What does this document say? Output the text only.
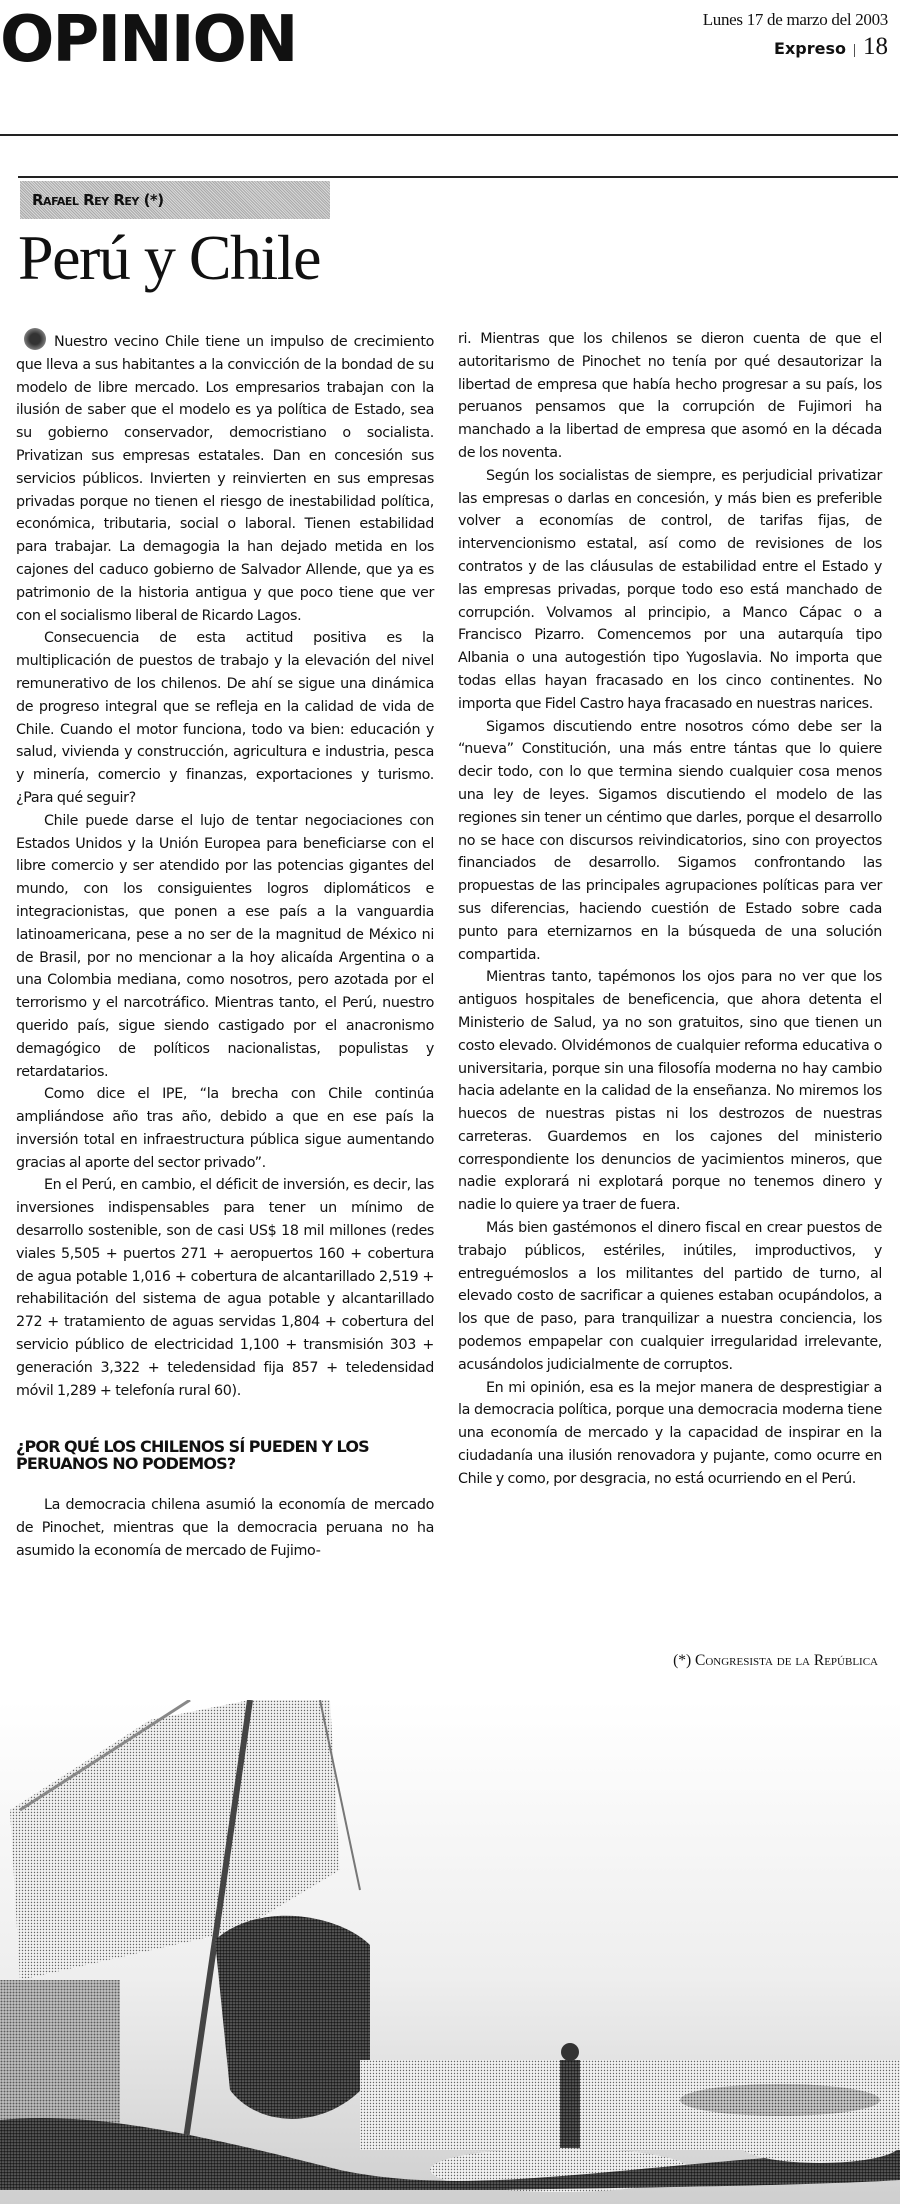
OPINION	Lunes 17 de marzo del 2003
Expreso | 18
Rafael Rey Rey (*)
Perú y Chile

Nuestro vecino Chile tiene un impulso de crecimiento que lleva a sus habitantes a la convicción de la bondad de su modelo de libre mercado. Los empresarios trabajan con la ilusión de saber que el modelo es ya política de Estado, sea su gobierno conservador, democristiano o socialista. Privatizan sus empresas estatales. Dan en concesión sus servicios públicos. Invierten y reinvierten en sus empresas privadas porque no tienen el riesgo de inestabilidad política, económica, tributaria, social o laboral. Tienen estabilidad para trabajar. La demagogia la han dejado metida en los cajones del caduco gobierno de Salvador Allende, que ya es patrimonio de la historia antigua y que poco tiene que ver con el socialismo liberal de Ricardo Lagos.

Consecuencia de esta actitud positiva es la multiplicación de puestos de trabajo y la elevación del nivel remunerativo de los chilenos. De ahí se sigue una dinámica de progreso integral que se refleja en la calidad de vida de Chile. Cuando el motor funciona, todo va bien: educación y salud, vivienda y construcción, agricultura e industria, pesca y minería, comercio y finanzas, exportaciones y turismo. ¿Para qué seguir?

Chile puede darse el lujo de tentar negociaciones con Estados Unidos y la Unión Europea para beneficiarse con el libre comercio y ser atendido por las potencias gigantes del mundo, con los consiguientes logros diplomáticos e integracionistas, que ponen a ese país a la vanguardia latinoamericana, pese a no ser de la magnitud de México ni de Brasil, por no mencionar a la hoy alicaída Argentina o a una Colombia mediana, como nosotros, pero azotada por el terrorismo y el narcotráfico. Mientras tanto, el Perú, nuestro querido país, sigue siendo castigado por el anacronismo demagógico de políticos nacionalistas, populistas y retardatarios.

Como dice el IPE, “la brecha con Chile continúa ampliándose año tras año, debido a que en ese país la inversión total en infraestructura pública sigue aumentando gracias al aporte del sector privado”.

En el Perú, en cambio, el déficit de inversión, es decir, las inversiones indispensables para tener un mínimo de desarrollo sostenible, son de casi US$ 18 mil millones (redes viales 5,505 + puertos 271 + aeropuertos 160 + cobertura de agua potable 1,016 + cobertura de alcantarillado 2,519 + rehabilitación del sistema de agua potable y alcantarillado 272 + tratamiento de aguas servidas 1,804 + cobertura del servicio público de electricidad 1,100 + transmisión 303 + generación 3,322 + teledensidad fija 857 + teledensidad móvil 1,289 + telefonía rural 60).

¿POR QUÉ LOS CHILENOS SÍ PUEDEN Y LOS PERUANOS NO PODEMOS?

La democracia chilena asumió la economía de mercado de Pinochet, mientras que la democracia peruana no ha asumido la economía de mercado de Fujimo-

ri. Mientras que los chilenos se dieron cuenta de que el autoritarismo de Pinochet no tenía por qué desautorizar la libertad de empresa que había hecho progresar a su país, los peruanos pensamos que la corrupción de Fujimori ha manchado a la libertad de empresa que asomó en la década de los noventa.

Según los socialistas de siempre, es perjudicial privatizar las empresas o darlas en concesión, y más bien es preferible volver a economías de control, de tarifas fijas, de intervencionismo estatal, así como de revisiones de los contratos y de las cláusulas de estabilidad entre el Estado y las empresas privadas, porque todo eso está manchado de corrupción. Volvamos al principio, a Manco Cápac o a Francisco Pizarro. Comencemos por una autarquía tipo Albania o una autogestión tipo Yugoslavia. No importa que todas ellas hayan fracasado en los cinco continentes. No importa que Fidel Castro haya fracasado en nuestras narices.

Sigamos discutiendo entre nosotros cómo debe ser la “nueva” Constitución, una más entre tántas que lo quiere decir todo, con lo que termina siendo cualquier cosa menos una ley de leyes. Sigamos discutiendo el modelo de las regiones sin tener un céntimo que darles, porque el desarrollo no se hace con discursos reivindicatorios, sino con proyectos financiados de desarrollo. Sigamos confrontando las propuestas de las principales agrupaciones políticas para ver sus diferencias, haciendo cuestión de Estado sobre cada punto para eternizarnos en la búsqueda de una solución compartida.

Mientras tanto, tapémonos los ojos para no ver que los antiguos hospitales de beneficencia, que ahora detenta el Ministerio de Salud, ya no son gratuitos, sino que tienen un costo elevado. Olvidémonos de cualquier reforma educativa o universitaria, porque sin una filosofía moderna no hay cambio hacia adelante en la calidad de la enseñanza. No miremos los huecos de nuestras pistas ni los destrozos de nuestras carreteras. Guardemos en los cajones del ministerio correspondiente los denuncios de yacimientos mineros, que nadie explorará ni explotará porque no tenemos dinero y nadie lo quiere ya traer de fuera.

Más bien gastémonos el dinero fiscal en crear puestos de trabajo públicos, estériles, inútiles, improductivos, y entreguémoslos a los militantes del partido de turno, al elevado costo de sacrificar a quienes estaban ocupándolos, a los que de paso, para tranquilizar a nuestra conciencia, los podemos empapelar con cualquier irregularidad irrelevante, acusándolos judicialmente de corruptos.

En mi opinión, esa es la mejor manera de desprestigiar a la democracia política, porque una democracia moderna tiene una economía de mercado y la capacidad de inspirar en la ciudadanía una ilusión renovadora y pujante, como ocurre en Chile y como, por desgracia, no está ocurriendo en el Perú.

(*) Congresista de la República
